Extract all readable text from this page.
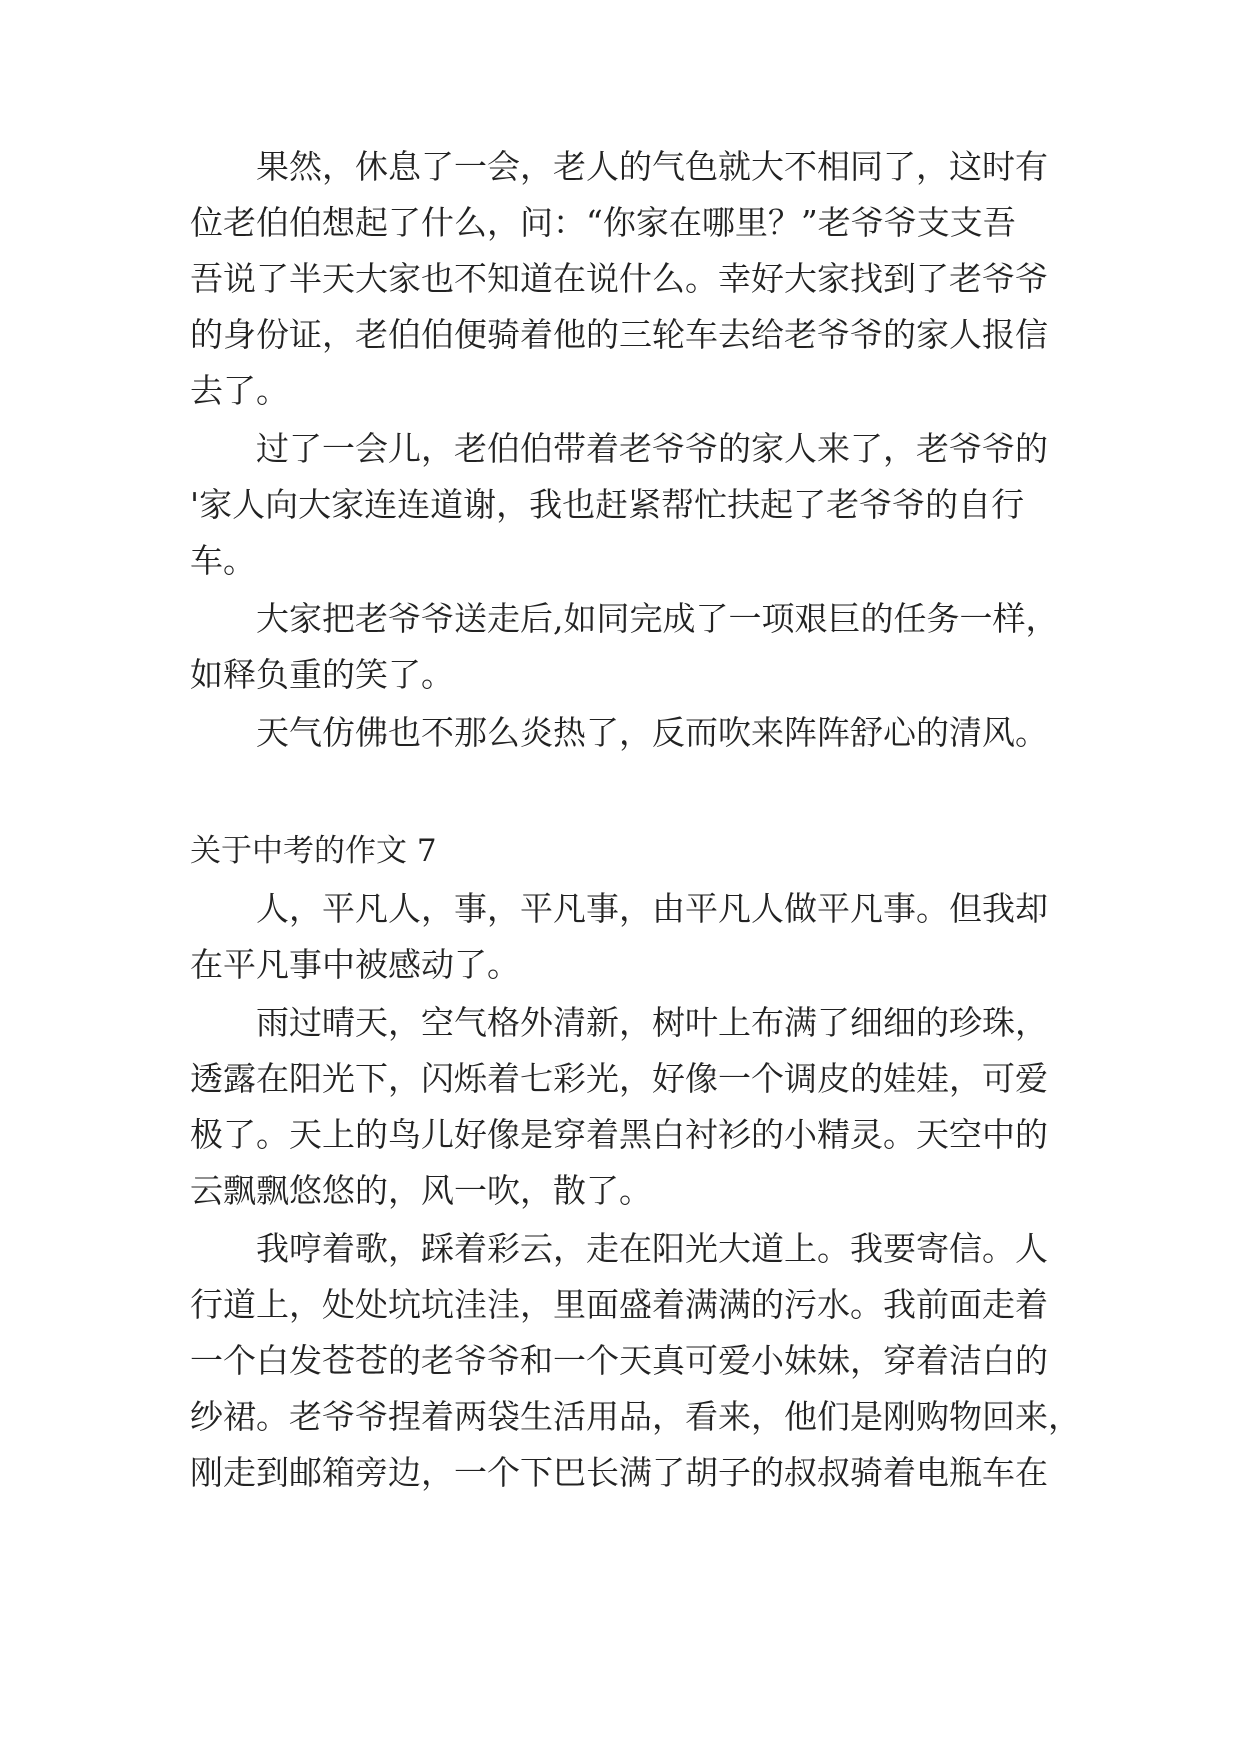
果然，休息了一会，老人的气色就大不相同了，这时有

位老伯伯想起了什么，问：“你家在哪里？”老爷爷支支吾

吾说了半天大家也不知道在说什么。幸好大家找到了老爷爷

的身份证，老伯伯便骑着他的三轮车去给老爷爷的家人报信

去了。

过了一会儿，老伯伯带着老爷爷的家人来了，老爷爷的

'家人向大家连连道谢，我也赶紧帮忙扶起了老爷爷的自行

车。

大家把老爷爷送走后,如同完成了一项艰巨的任务一样，

如释负重的笑了。

天气仿佛也不那么炎热了，反而吹来阵阵舒心的清风。

关于中考的作文 7

人，平凡人，事，平凡事，由平凡人做平凡事。但我却

在平凡事中被感动了。

雨过晴天，空气格外清新，树叶上布满了细细的珍珠，

透露在阳光下，闪烁着七彩光，好像一个调皮的娃娃，可爱

极了。天上的鸟儿好像是穿着黑白衬衫的小精灵。天空中的

云飘飘悠悠的，风一吹，散了。

我哼着歌，踩着彩云，走在阳光大道上。我要寄信。人

行道上，处处坑坑洼洼，里面盛着满满的污水。我前面走着

一个白发苍苍的老爷爷和一个天真可爱小妹妹，穿着洁白的

纱裙。老爷爷捏着两袋生活用品，看来，他们是刚购物回来，

刚走到邮箱旁边，一个下巴长满了胡子的叔叔骑着电瓶车在
